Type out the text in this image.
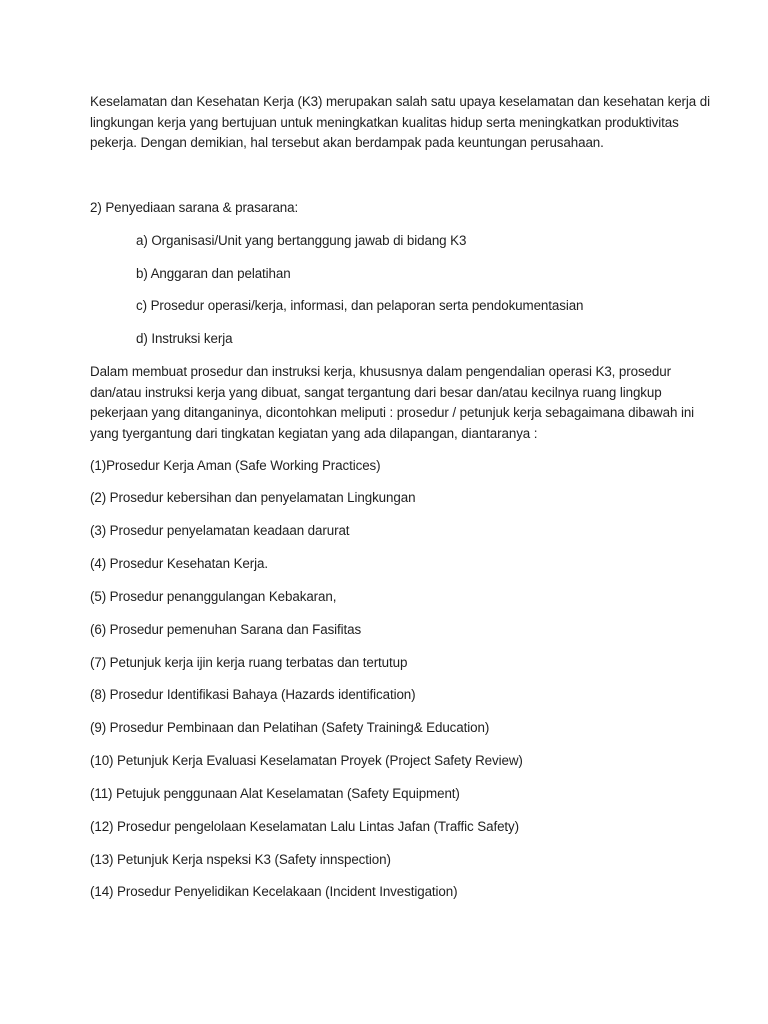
Keselamatan dan Kesehatan Kerja (K3) merupakan salah satu upaya keselamatan dan kesehatan kerja di
lingkungan kerja yang bertujuan untuk meningkatkan kualitas hidup serta meningkatkan produktivitas
pekerja. Dengan demikian, hal tersebut akan berdampak pada keuntungan perusahaan.
2) Penyediaan sarana & prasarana:
a) Organisasi/Unit yang bertanggung jawab di bidang K3
b) Anggaran dan pelatihan
c) Prosedur operasi/kerja, informasi, dan pelaporan serta pendokumentasian
d) Instruksi kerja
Dalam membuat prosedur dan instruksi kerja, khususnya dalam pengendalian operasi K3, prosedur
dan/atau instruksi kerja yang dibuat, sangat tergantung dari besar dan/atau kecilnya ruang lingkup
pekerjaan yang ditanganinya, dicontohkan meliputi : prosedur / petunjuk kerja sebagaimana dibawah ini
yang tyergantung dari tingkatan kegiatan yang ada dilapangan, diantaranya :
(1)Prosedur Kerja Aman (Safe Working Practices)
(2) Prosedur kebersihan dan penyelamatan Lingkungan
(3) Prosedur penyelamatan keadaan darurat
(4) Prosedur Kesehatan Kerja.
(5) Prosedur penanggulangan Kebakaran,
(6) Prosedur pemenuhan Sarana dan Fasifitas
(7) Petunjuk kerja ijin kerja ruang terbatas dan tertutup
(8) Prosedur Identifikasi Bahaya (Hazards identification)
(9) Prosedur Pembinaan dan Pelatihan (Safety Training& Education)
(10) Petunjuk Kerja Evaluasi Keselamatan Proyek (Project Safety Review)
(11) Petujuk penggunaan Alat Keselamatan (Safety Equipment)
(12) Prosedur pengelolaan Keselamatan Lalu Lintas Jafan (Traffic Safety)
(13) Petunjuk Kerja nspeksi K3 (Safety innspection)
(14) Prosedur Penyelidikan Kecelakaan (Incident Investigation)
